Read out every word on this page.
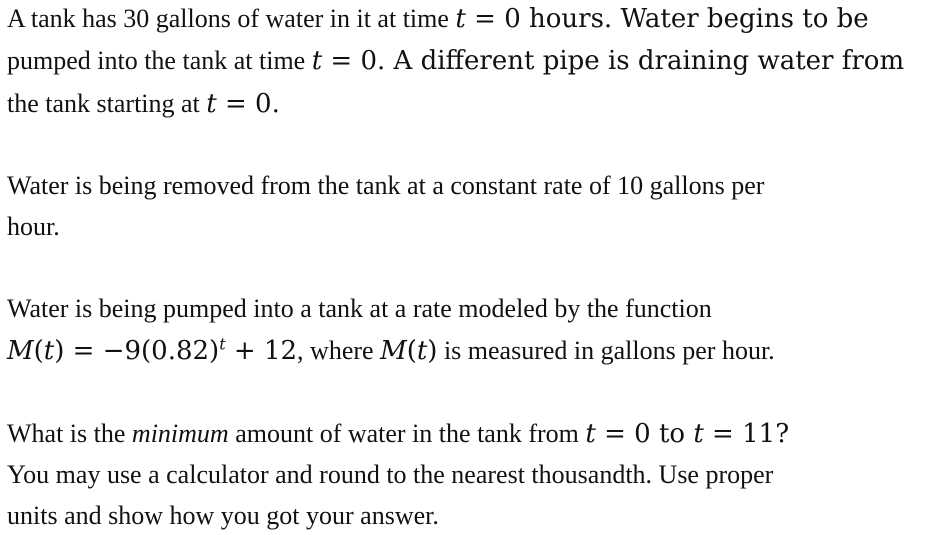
A tank has 30 gallons of water in it at time t = 0 hours. Water begins to be
pumped into the tank at time t = 0. A different pipe is draining water from
the tank starting at t = 0.
Water is being removed from the tank at a constant rate of 10 gallons per
hour.
Water is being pumped into a tank at a rate modeled by the function
$M(t) = -9(0.82)^t + 12$, where M(t) is measured in gallons per hour.
What is the minimum amount of water in the tank from t = 0 to t = 11?
You may use a calculator and round to the nearest thousandth. Use proper
units and show how you got your answer.
